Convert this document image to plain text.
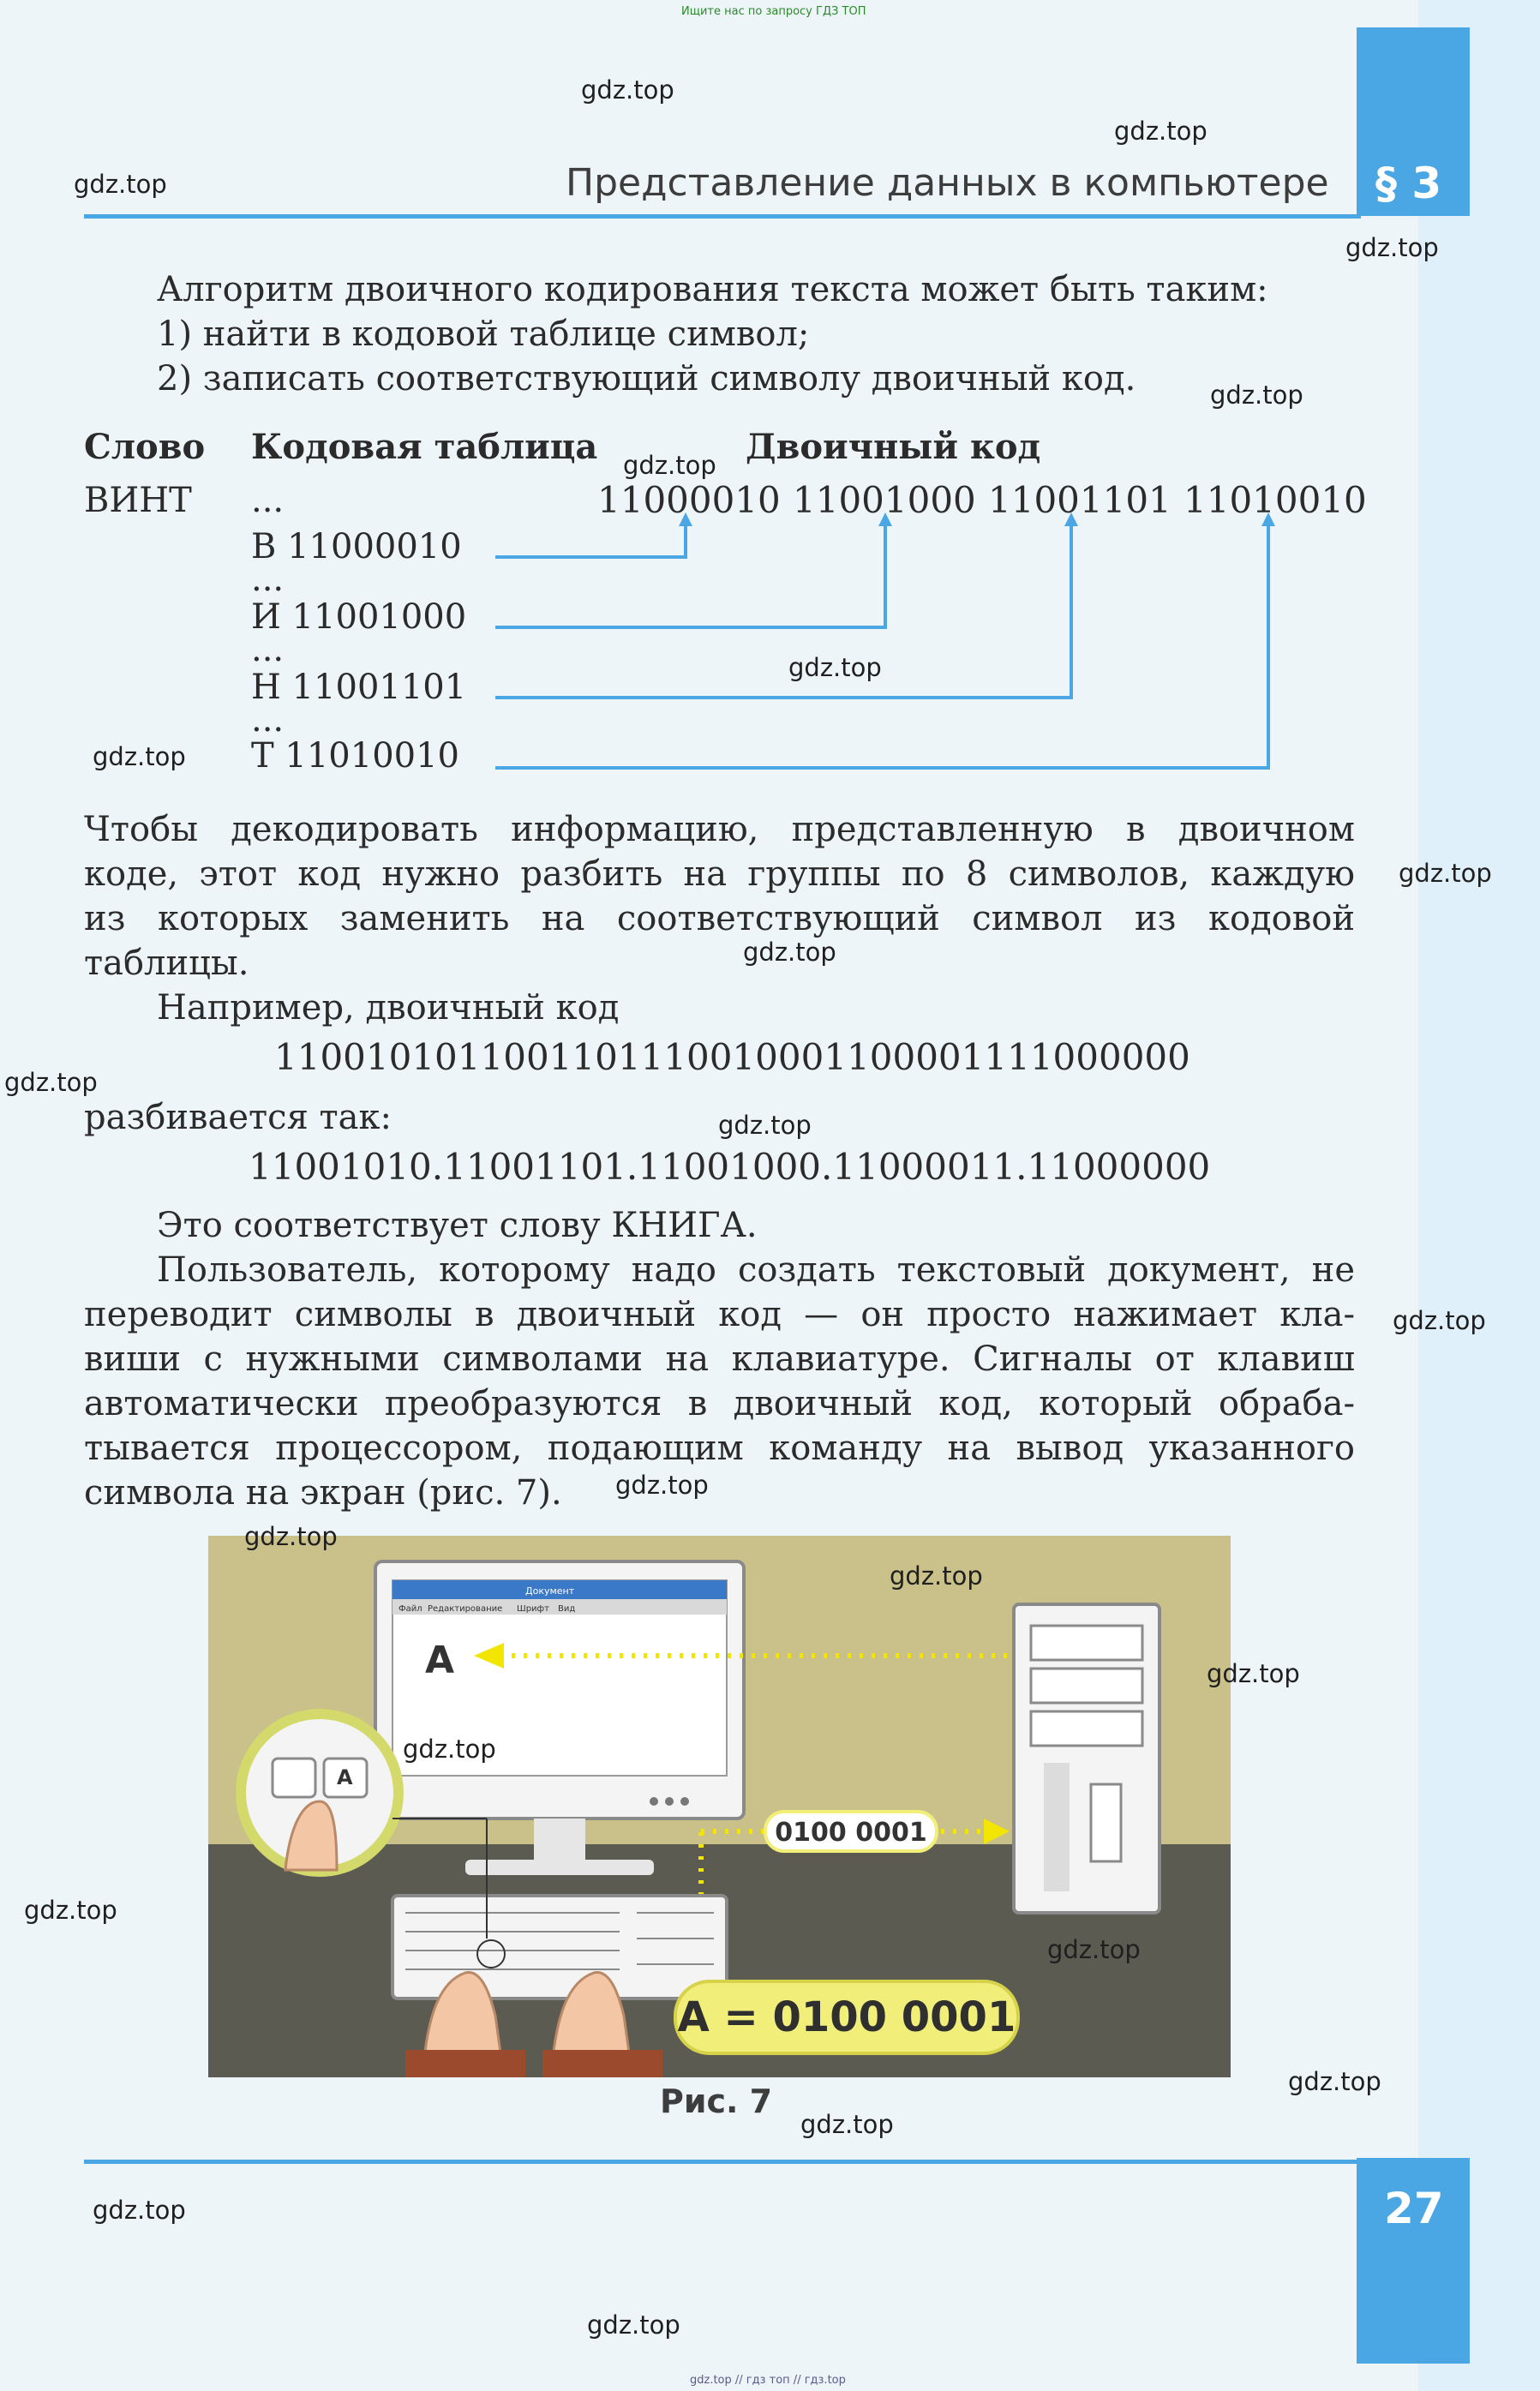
Ищите нас по запросу ГДЗ ТОП
gdz.top // гдз топ // гдз.top
Представление данных в компьютере § 3
Алгоритм двоичного кодирования текста может быть таким:
1) найти в кодовой таблице символ;
2) записать соответствующий символу двоичный код.
Слово Кодовая таблица	Двоичный код
ВИНТ ...	11000010 11001000 11001101 11010010
В 11000010
...
И 11001000
...
Н 11001101
...
Т 11010010
Чтобы декодировать информацию, представленную в двоичном
коде, этот код нужно разбить на группы по 8 символов, каждую
из которых заменить на соответствующий символ из кодовой
таблицы.
Например, двоичный код
1100101011001101110010001100001111000000
разбивается так:
11001010.11001101.11001000.11000011.11000000
Это соответствует слову КНИГА.
Пользователь, которому надо создать текстовый документ, не
переводит символы в двоичный код — он просто нажимает кла-
виши с нужными символами на клавиатуре. Сигналы от клавиш
автоматически преобразуются в двоичный код, который обраба-
тывается процессором, подающим команду на вывод указанного
символа на экран (рис. 7).
Документ
Файл Редактирование Шрифт Вид
А
0100 0001
A
А = 0100 0001
Рис. 7
27
gdz.top
gdz.top
gdz.top
gdz.top
gdz.top
gdz.top
gdz.top
gdz.top
gdz.top
gdz.top
gdz.top
gdz.top
gdz.top
gdz.top
gdz.top
gdz.top
gdz.top
gdz.top
gdz.top
gdz.top
gdz.top
gdz.top
gdz.top
gdz.top
